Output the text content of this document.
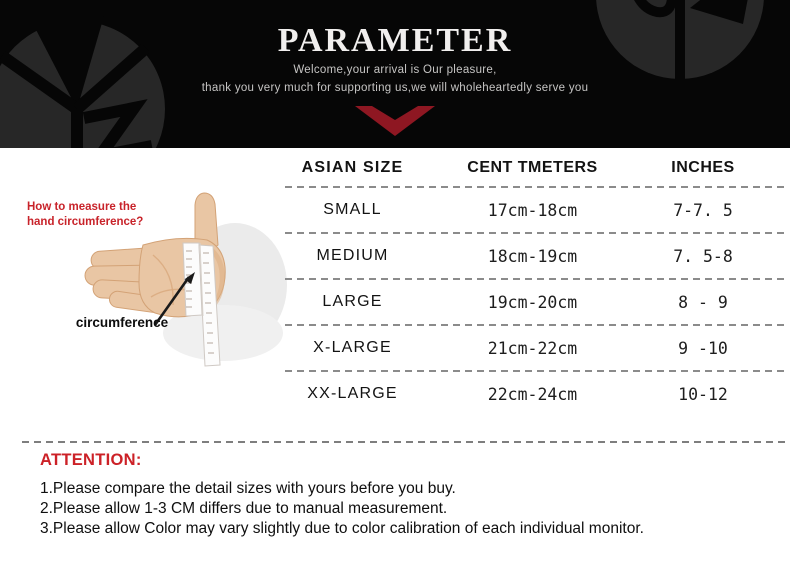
PARAMETER
Welcome,your arrival is Our pleasure,
thank you very much for supporting us,we will wholeheartedly serve you
How to measure the
hand circumference?
circumference
ASIAN SIZE	CENT TMETERS	INCHES
SMALL	17cm-18cm	7-7. 5
MEDIUM	18cm-19cm	7. 5-8
LARGE	19cm-20cm	8 - 9
X-LARGE	21cm-22cm	9 -10
XX-LARGE	22cm-24cm	10-12
ATTENTION:
1.Please compare the detail sizes with yours before you buy.
2.Please allow 1-3 CM differs due to manual measurement.
3.Please allow Color may vary slightly due to color calibration of each individual monitor.
